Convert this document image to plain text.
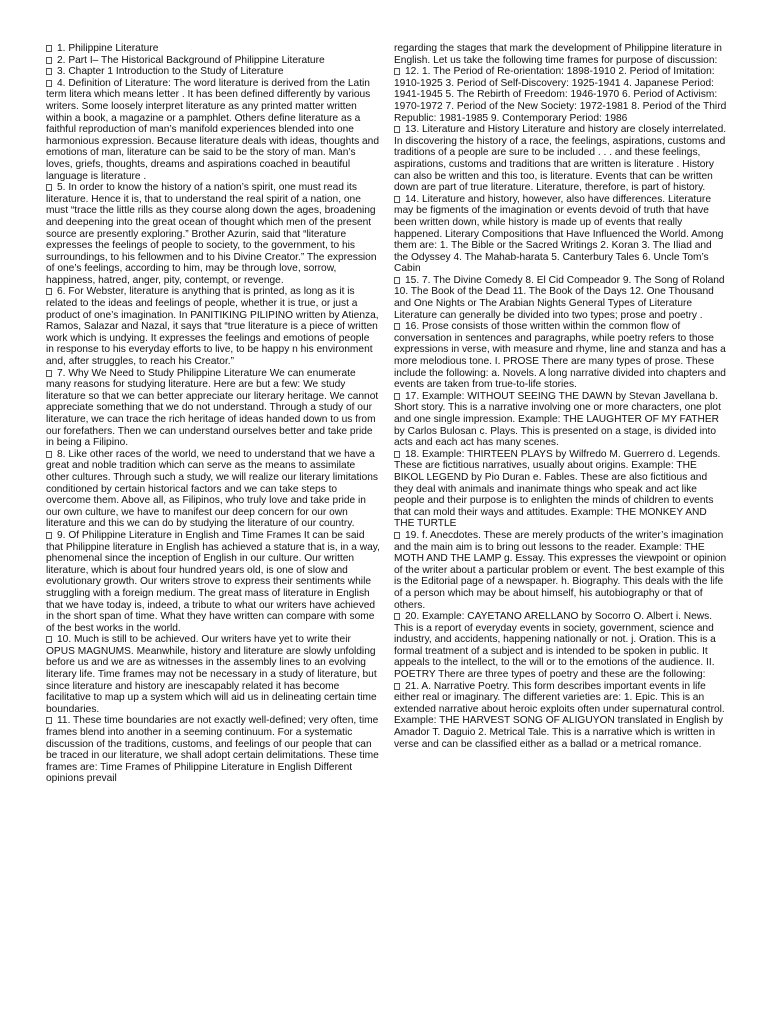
1. Philippine Literature

2. Part I– The Historical Background of Philippine Literature

3. Chapter 1 Introduction to the Study of Literature

4. Definition of Literature: The word literature is derived from the Latin term litera which means letter . It has been defined differently by various writers. Some loosely interpret literature as any printed matter written within a book, a magazine or a pamphlet. Others define literature as a faithful reproduction of man’s manifold experiences blended into one harmonious expression. Because literature deals with ideas, thoughts and emotions of man, literature can be said to be the story of man. Man’s loves, griefs, thoughts, dreams and aspirations coached in beautiful language is literature .

5. In order to know the history of a nation’s spirit, one must read its literature. Hence it is, that to understand the real spirit of a nation, one must “trace the little rills as they course along down the ages, broadening and deepening into the great ocean of thought which men of the present source are presently exploring.” Brother Azurin, said that “literature expresses the feelings of people to society, to the government, to his surroundings, to his fellowmen and to his Divine Creator.” The expression of one’s feelings, according to him, may be through love, sorrow, happiness, hatred, anger, pity, contempt, or revenge.

6. For Webster, literature is anything that is printed, as long as it is related to the ideas and feelings of people, whether it is true, or just a product of one’s imagination. In PANITIKING PILIPINO written by Atienza, Ramos, Salazar and Nazal, it says that “true literature is a piece of written work which is undying. It expresses the feelings and emotions of people in response to his everyday efforts to live, to be happy n his environment and, after struggles, to reach his Creator.”

7. Why We Need to Study Philippine Literature We can enumerate many reasons for studying literature. Here are but a few: We study literature so that we can better appreciate our literary heritage. We cannot appreciate something that we do not understand. Through a study of our literature, we can trace the rich heritage of ideas handed down to us from our forefathers. Then we can understand ourselves better and take pride in being a Filipino.

8. Like other races of the world, we need to understand that we have a great and noble tradition which can serve as the means to assimilate other cultures. Through such a study, we will realize our literary limitations conditioned by certain historical factors and we can take steps to overcome them. Above all, as Filipinos, who truly love and take pride in our own culture, we have to manifest our deep concern for our own literature and this we can do by studying the literature of our country.

9. Of Philippine Literature in English and Time Frames It can be said that Philippine literature in English has achieved a stature that is, in a way, phenomenal since the inception of English in our culture. Our written literature, which is about four hundred years old, is one of slow and evolutionary growth. Our writers strove to express their sentiments while struggling with a foreign medium. The great mass of literature in English that we have today is, indeed, a tribute to what our writers have achieved in the short span of time. What they have written can compare with some of the best works in the world.

10. Much is still to be achieved. Our writers have yet to write their OPUS MAGNUMS. Meanwhile, history and literature are slowly unfolding before us and we are as witnesses in the assembly lines to an evolving literary life. Time frames may not be necessary in a study of literature, but since literature and history are inescapably related it has become facilitative to map up a system which will aid us in delineating certain time boundaries.

11. These time boundaries are not exactly well-defined; very often, time frames blend into another in a seeming continuum. For a systematic discussion of the traditions, customs, and feelings of our people that can be traced in our literature, we shall adopt certain delimitations. These time frames are: Time Frames of Philippine Literature in English Different opinions prevail

regarding the stages that mark the development of Philippine literature in English. Let us take the following time frames for purpose of discussion:

12. 1. The Period of Re-orientation: 1898-1910 2. Period of Imitation: 1910-1925 3. Period of Self-Discovery: 1925-1941 4. Japanese Period: 1941-1945 5. The Rebirth of Freedom: 1946-1970 6. Period of Activism: 1970-1972 7. Period of the New Society: 1972-1981 8. Period of the Third Republic: 1981-1985 9. Contemporary Period: 1986

13. Literature and History Literature and history are closely interrelated. In discovering the history of a race, the feelings, aspirations, customs and traditions of a people are sure to be included . . . and these feelings, aspirations, customs and traditions that are written is literature . History can also be written and this too, is literature. Events that can be written down are part of true literature. Literature, therefore, is part of history.

14. Literature and history, however, also have differences. Literature may be figments of the imagination or events devoid of truth that have been written down, while history is made up of events that really happened. Literary Compositions that Have Influenced the World. Among them are: 1. The Bible or the Sacred Writings 2. Koran 3. The Iliad and the Odyssey 4. The Mahab-harata 5. Canterbury Tales 6. Uncle Tom’s Cabin

15. 7. The Divine Comedy 8. El Cid Compeador 9. The Song of Roland 10. The Book of the Dead 11. The Book of the Days 12. One Thousand and One Nights or The Arabian Nights General Types of Literature Literature can generally be divided into two types; prose and poetry .

16. Prose consists of those written within the common flow of conversation in sentences and paragraphs, while poetry refers to those expressions in verse, with measure and rhyme, line and stanza and has a more melodious tone. I. PROSE There are many types of prose. These include the following: a. Novels. A long narrative divided into chapters and events are taken from true-to-life stories.

17. Example: WITHOUT SEEING THE DAWN by Stevan Javellana b. Short story. This is a narrative involving one or more characters, one plot and one single impression. Example: THE LAUGHTER OF MY FATHER by Carlos Bulosan c. Plays. This is presented on a stage, is divided into acts and each act has many scenes.

18. Example: THIRTEEN PLAYS by Wilfredo M. Guerrero d. Legends. These are fictitious narratives, usually about origins. Example: THE BIKOL LEGEND by Pio Duran e. Fables. These are also fictitious and they deal with animals and inanimate things who speak and act like people and their purpose is to enlighten the minds of children to events that can mold their ways and attitudes. Example: THE MONKEY AND THE TURTLE

19. f. Anecdotes. These are merely products of the writer’s imagination and the main aim is to bring out lessons to the reader. Example: THE MOTH AND THE LAMP g. Essay. This expresses the viewpoint or opinion of the writer about a particular problem or event. The best example of this is the Editorial page of a newspaper. h. Biography. This deals with the life of a person which may be about himself, his autobiography or that of others.

20. Example: CAYETANO ARELLANO by Socorro O. Albert i. News. This is a report of everyday events in society, government, science and industry, and accidents, happening nationally or not. j. Oration. This is a formal treatment of a subject and is intended to be spoken in public. It appeals to the intellect, to the will or to the emotions of the audience. II. POETRY There are three types of poetry and these are the following:

21. A. Narrative Poetry. This form describes important events in life either real or imaginary. The different varieties are: 1. Epic. This is an extended narrative about heroic exploits often under supernatural control. Example: THE HARVEST SONG OF ALIGUYON translated in English by Amador T. Daguio 2. Metrical Tale. This is a narrative which is written in verse and can be classified either as a ballad or a metrical romance.
